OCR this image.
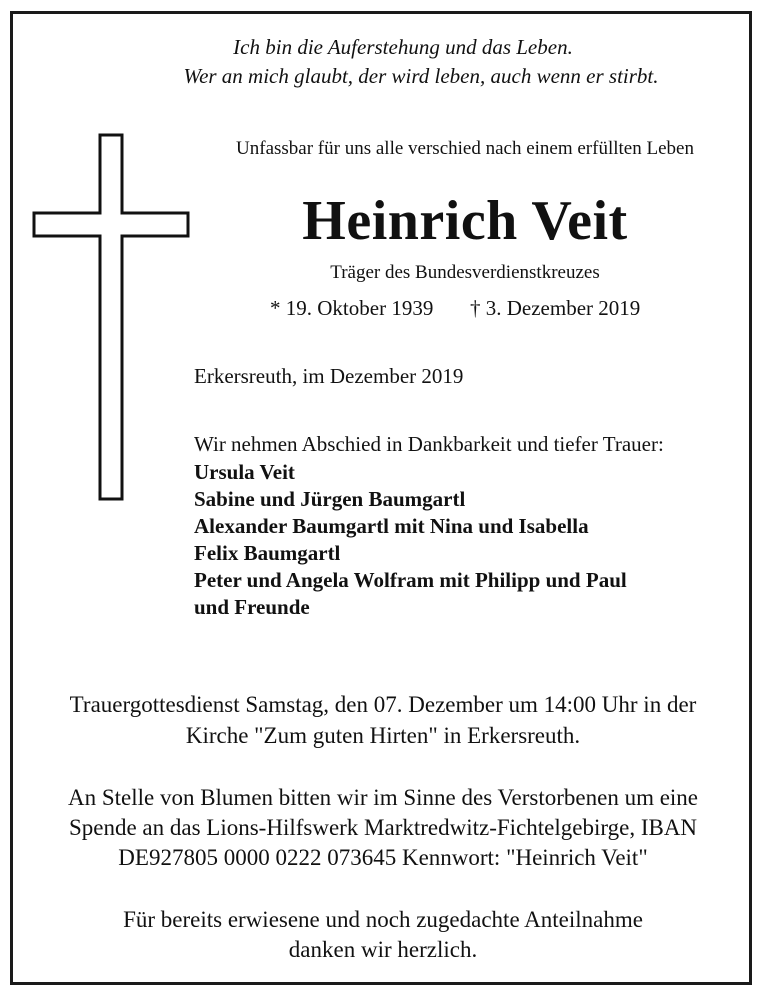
Ich bin die Auferstehung und das Leben.
Wer an mich glaubt, der wird leben, auch wenn er stirbt.
Unfassbar für uns alle verschied nach einem erfüllten Leben
Heinrich Veit
Träger des Bundesverdienstkreuzes
* 19. Oktober 1939 † 3. Dezember 2019
Erkersreuth, im Dezember 2019
Wir nehmen Abschied in Dankbarkeit und tiefer Trauer:
Ursula Veit
Sabine und Jürgen Baumgartl
Alexander Baumgartl mit Nina und Isabella
Felix Baumgartl
Peter und Angela Wolfram mit Philipp und Paul
und Freunde
Trauergottesdienst Samstag, den 07. Dezember um 14:00 Uhr in der
Kirche "Zum guten Hirten" in Erkersreuth.
An Stelle von Blumen bitten wir im Sinne des Verstorbenen um eine
Spende an das Lions-Hilfswerk Marktredwitz-Fichtelgebirge, IBAN
DE927805 0000 0222 073645 Kennwort: "Heinrich Veit"
Für bereits erwiesene und noch zugedachte Anteilnahme
danken wir herzlich.
